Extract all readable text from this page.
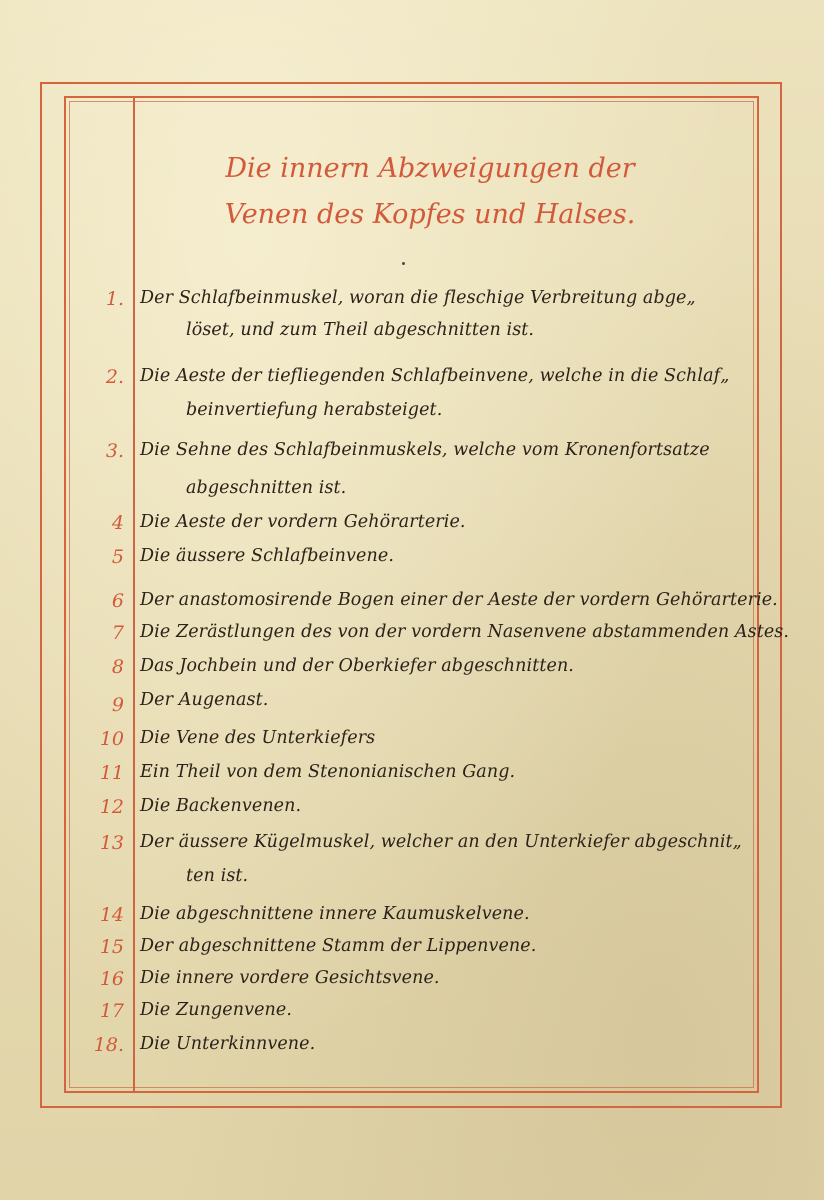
Die innern Abzweigungen der
Venen des Kopfes und Halses.
1. Der Schlafbeinmuskel, woran die fleschige Verbreitung abge„
löset, und zum Theil abgeschnitten ist.
2. Die Aeste der tiefliegenden Schlafbeinvene, welche in die Schlaf„
beinvertiefung herabsteiget.
3. Die Sehne des Schlafbeinmuskels, welche vom Kronenfortsatze
abgeschnitten ist.
4 Die Aeste der vordern Gehörarterie.
5 Die äussere Schlafbeinvene.
6 Der anastomosirende Bogen einer der Aeste der vordern Gehörarterie.
7 Die Zerästlungen des von der vordern Nasenvene abstammenden Astes.
8 Das Jochbein und der Oberkiefer abgeschnitten.
9 Der Augenast.
10 Die Vene des Unterkiefers
11 Ein Theil von dem Stenonianischen Gang.
12 Die Backenvenen.
13 Der äussere Kügelmuskel, welcher an den Unterkiefer abgeschnit„
ten ist.
14 Die abgeschnittene innere Kaumuskelvene.
15 Der abgeschnittene Stamm der Lippenvene.
16 Die innere vordere Gesichtsvene.
17 Die Zungenvene.
18. Die Unterkinnvene.
